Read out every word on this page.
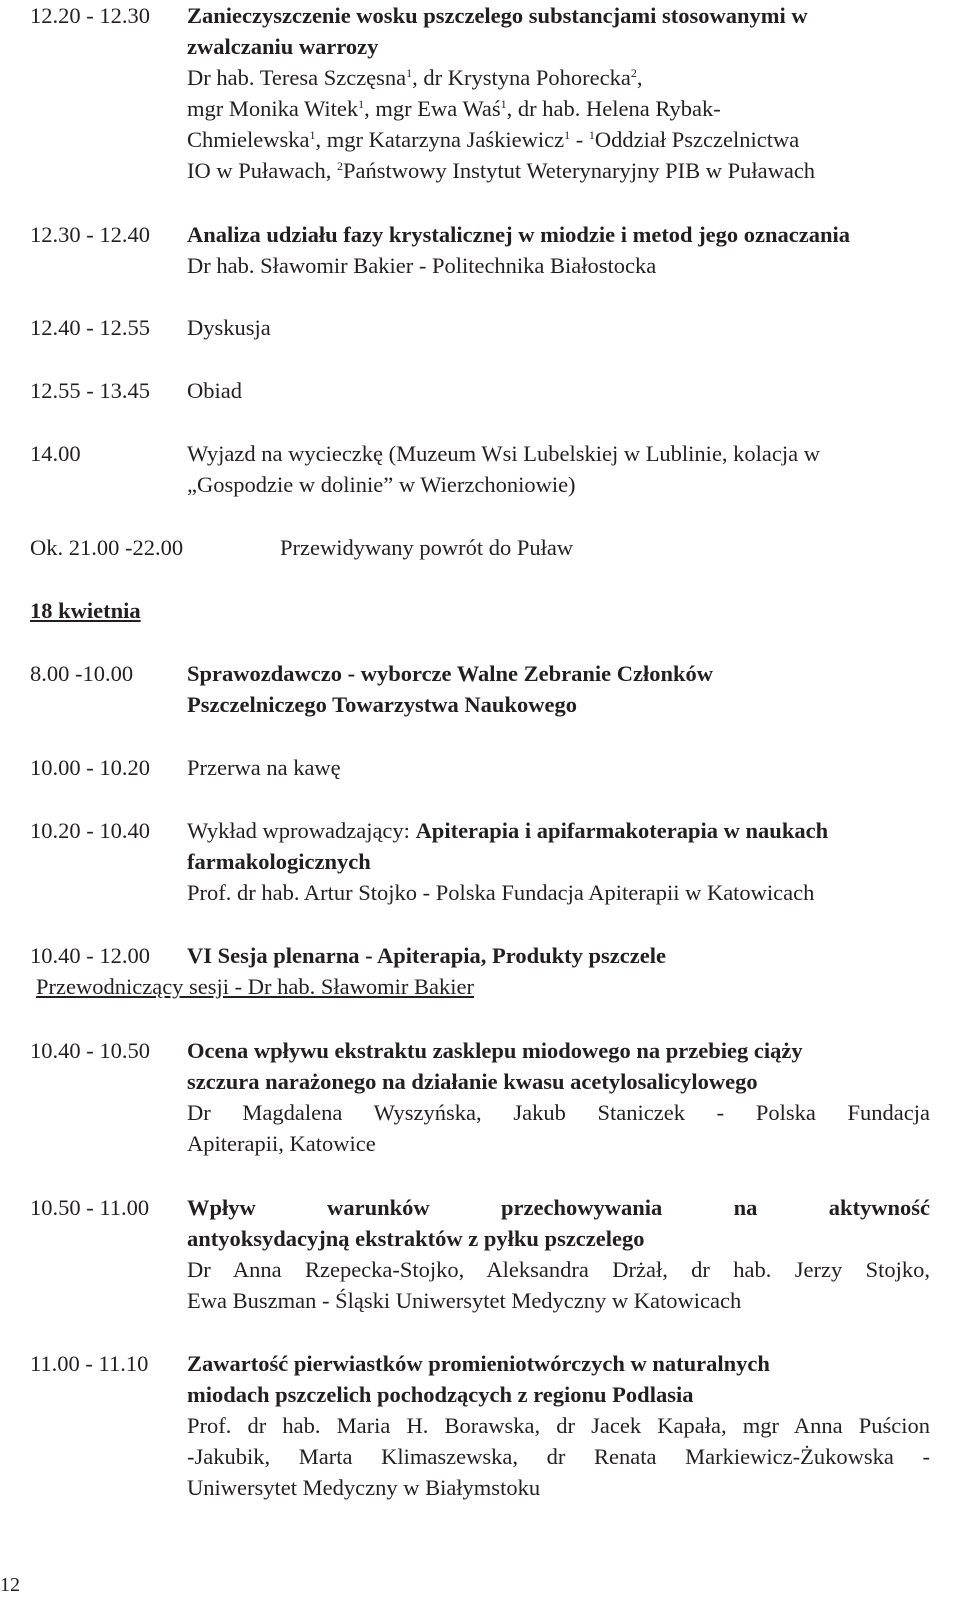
12.20 - 12.30	Zanieczyszczenie wosku pszczelego substancjami stosowanymi w
zwalczaniu warrozy
Dr hab. Teresa Szczęsna$^1$, dr Krystyna Pohorecka$^2$,
mgr Monika Witek$^1$, mgr Ewa Waś$^1$, dr hab. Helena Rybak-
Chmielewska$^1$, mgr Katarzyna Jaśkiewicz$^1$ - $^1$Oddział Pszczelnictwa
IO w Puławach, $^2$Państwowy Instytut Weterynaryjny PIB w Puławach
12.30 - 12.40	Analiza udziału fazy krystalicznej w miodzie i metod jego oznaczania
Dr hab. Sławomir Bakier - Politechnika Białostocka
12.40 - 12.55	Dyskusja
12.55 - 13.45	Obiad
14.00	Wyjazd na wycieczkę (Muzeum Wsi Lubelskiej w Lublinie, kolacja w
„Gospodzie w dolinie” w Wierzchoniowie)
Ok. 21.00 -22.00	Przewidywany powrót do Puław
18 kwietnia
8.00 -10.00	Sprawozdawczo - wyborcze Walne Zebranie Członków
Pszczelniczego Towarzystwa Naukowego
10.00 - 10.20	Przerwa na kawę
10.20 - 10.40	Wykład wprowadzający: Apiterapia i apifarmakoterapia w naukach
farmakologicznych
Prof. dr hab. Artur Stojko - Polska Fundacja Apiterapii w Katowicach
10.40 - 12.00	VI Sesja plenarna - Apiterapia, Produkty pszczele
Przewodniczący sesji - Dr hab. Sławomir Bakier
10.40 - 10.50	Ocena wpływu ekstraktu zasklepu miodowego na przebieg ciąży
szczura narażonego na działanie kwasu acetylosalicylowego
Dr Magdalena Wyszyńska, Jakub Staniczek - Polska Fundacja
Apiterapii, Katowice
10.50 - 11.00	Wpływ warunków przechowywania na aktywność
antyoksydacyjną ekstraktów z pyłku pszczelego
Dr Anna Rzepecka-Stojko, Aleksandra Drżał, dr hab. Jerzy Stojko,
Ewa Buszman - Śląski Uniwersytet Medyczny w Katowicach
11.00 - 11.10	Zawartość pierwiastków promieniotwórczych w naturalnych
miodach pszczelich pochodzących z regionu Podlasia
Prof. dr hab. Maria H. Borawska, dr Jacek Kapała, mgr Anna Puścion
-Jakubik, Marta Klimaszewska, dr Renata Markiewicz-Żukowska -
Uniwersytet Medyczny w Białymstoku
12
